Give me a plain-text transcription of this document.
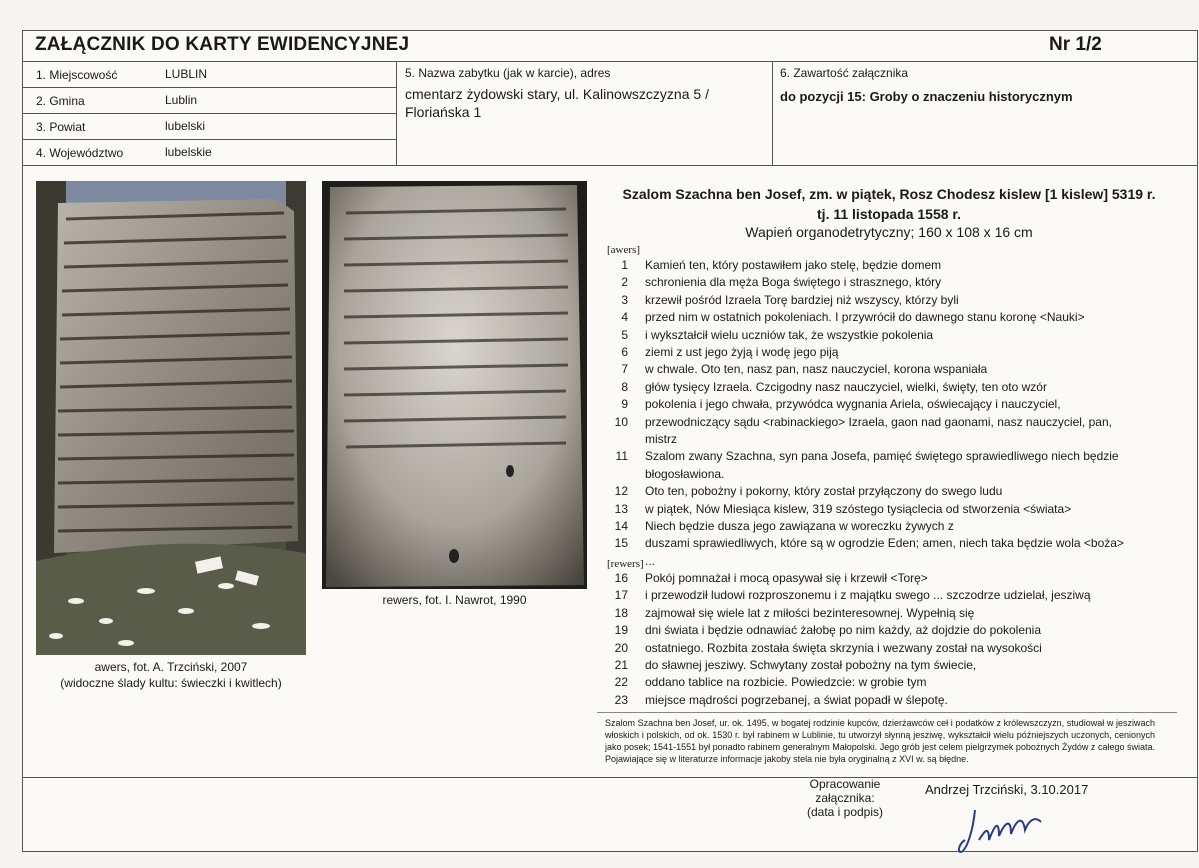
ZAŁĄCZNIK DO KARTY EWIDENCYJNEJ	Nr 1/2
1. Miejscowość	LUBLIN
2. Gmina	Lublin
3. Powiat	lubelski
4. Województwo	lubelskie
5. Nazwa zabytku (jak w karcie), adres
cmentarz żydowski stary, ul. Kalinowszczyzna 5 /
Floriańska 1
6. Zawartość załącznika
do pozycji 15: Groby o znaczeniu historycznym
awers, fot. A. Trzciński, 2007
(widoczne ślady kultu: świeczki i kwitlech)
rewers, fot. I. Nawrot, 1990
Szalom Szachna ben Josef, zm. w piątek, Rosz Chodesz kislew [1 kislew] 5319 r.
tj. 11 listopada 1558 r.
Wapień organodetrytyczny; 160 x 108 x 16 cm
[awers]
1 Kamień ten, który postawiłem jako stelę, będzie domem
2 schronienia dla męża Boga świętego i strasznego, który
3 krzewił pośród Izraela Torę bardziej niż wszyscy, którzy byli
4 przed nim w ostatnich pokoleniach. I przywrócił do dawnego stanu koronę <Nauki>
5 i wykształcił wielu uczniów tak, że wszystkie pokolenia
6 ziemi z ust jego żyją i wodę jego piją
7 w chwale. Oto ten, nasz pan, nasz nauczyciel, korona wspaniała
8 głów tysięcy Izraela. Czcigodny nasz nauczyciel, wielki, święty, ten oto wzór
9 pokolenia i jego chwała, przywódca wygnania Ariela, oświecający i nauczyciel,
10 przewodniczący sądu <rabinackiego> Izraela, gaon nad gaonami, nasz nauczyciel, pan,
mistrz
11 Szalom zwany Szachna, syn pana Josefa, pamięć świętego sprawiedliwego niech będzie
błogosławiona.
12 Oto ten, pobożny i pokorny, który został przyłączony do swego ludu
13 w piątek, Nów Miesiąca kislew, 319 szóstego tysiąclecia od stworzenia <świata>
14 Niech będzie dusza jego zawiązana w woreczku żywych z
15 duszami sprawiedliwych, które są w ogrodzie Eden; amen, niech taka będzie wola <boża>
...
[rewers]
16 Pokój pomnażał i mocą opasywał się i krzewił <Torę>
17 i przewodził ludowi rozproszonemu i z majątku swego ... szczodrze udzielał, jesziwą
18 zajmował się wiele lat z miłości bezinteresownej. Wypełnią się
19 dni świata i będzie odnawiać żałobę po nim każdy, aż dojdzie do pokolenia
20 ostatniego. Rozbita została święta skrzynia i wezwany został na wysokości
21 do sławnej jesziwy. Schwytany został pobożny na tym świecie,
22 oddano tablice na rozbicie. Powiedzcie: w grobie tym
23 miejsce mądrości pogrzebanej, a świat popadł w ślepotę.
Szalom Szachna ben Josef, ur. ok. 1495, w bogatej rodzinie kupców, dzierżawców ceł i podatków z królewszczyzn, studiował w jesziwach włoskich i polskich, od ok. 1530 r. był rabinem w Lublinie, tu utworzył słynną jesziwę, wykształcił wielu późniejszych uczonych, cenionych jako posek; 1541-1551 był ponadto rabinem generalnym Małopolski. Jego grób jest celem pielgrzymek pobożnych Żydów z całego świata. Pojawiające się w literaturze informacje jakoby stela nie była oryginalną z XVI w. są błędne.
Opracowanie załącznika:
(data i podpis)
Andrzej Trzciński, 3.10.2017
